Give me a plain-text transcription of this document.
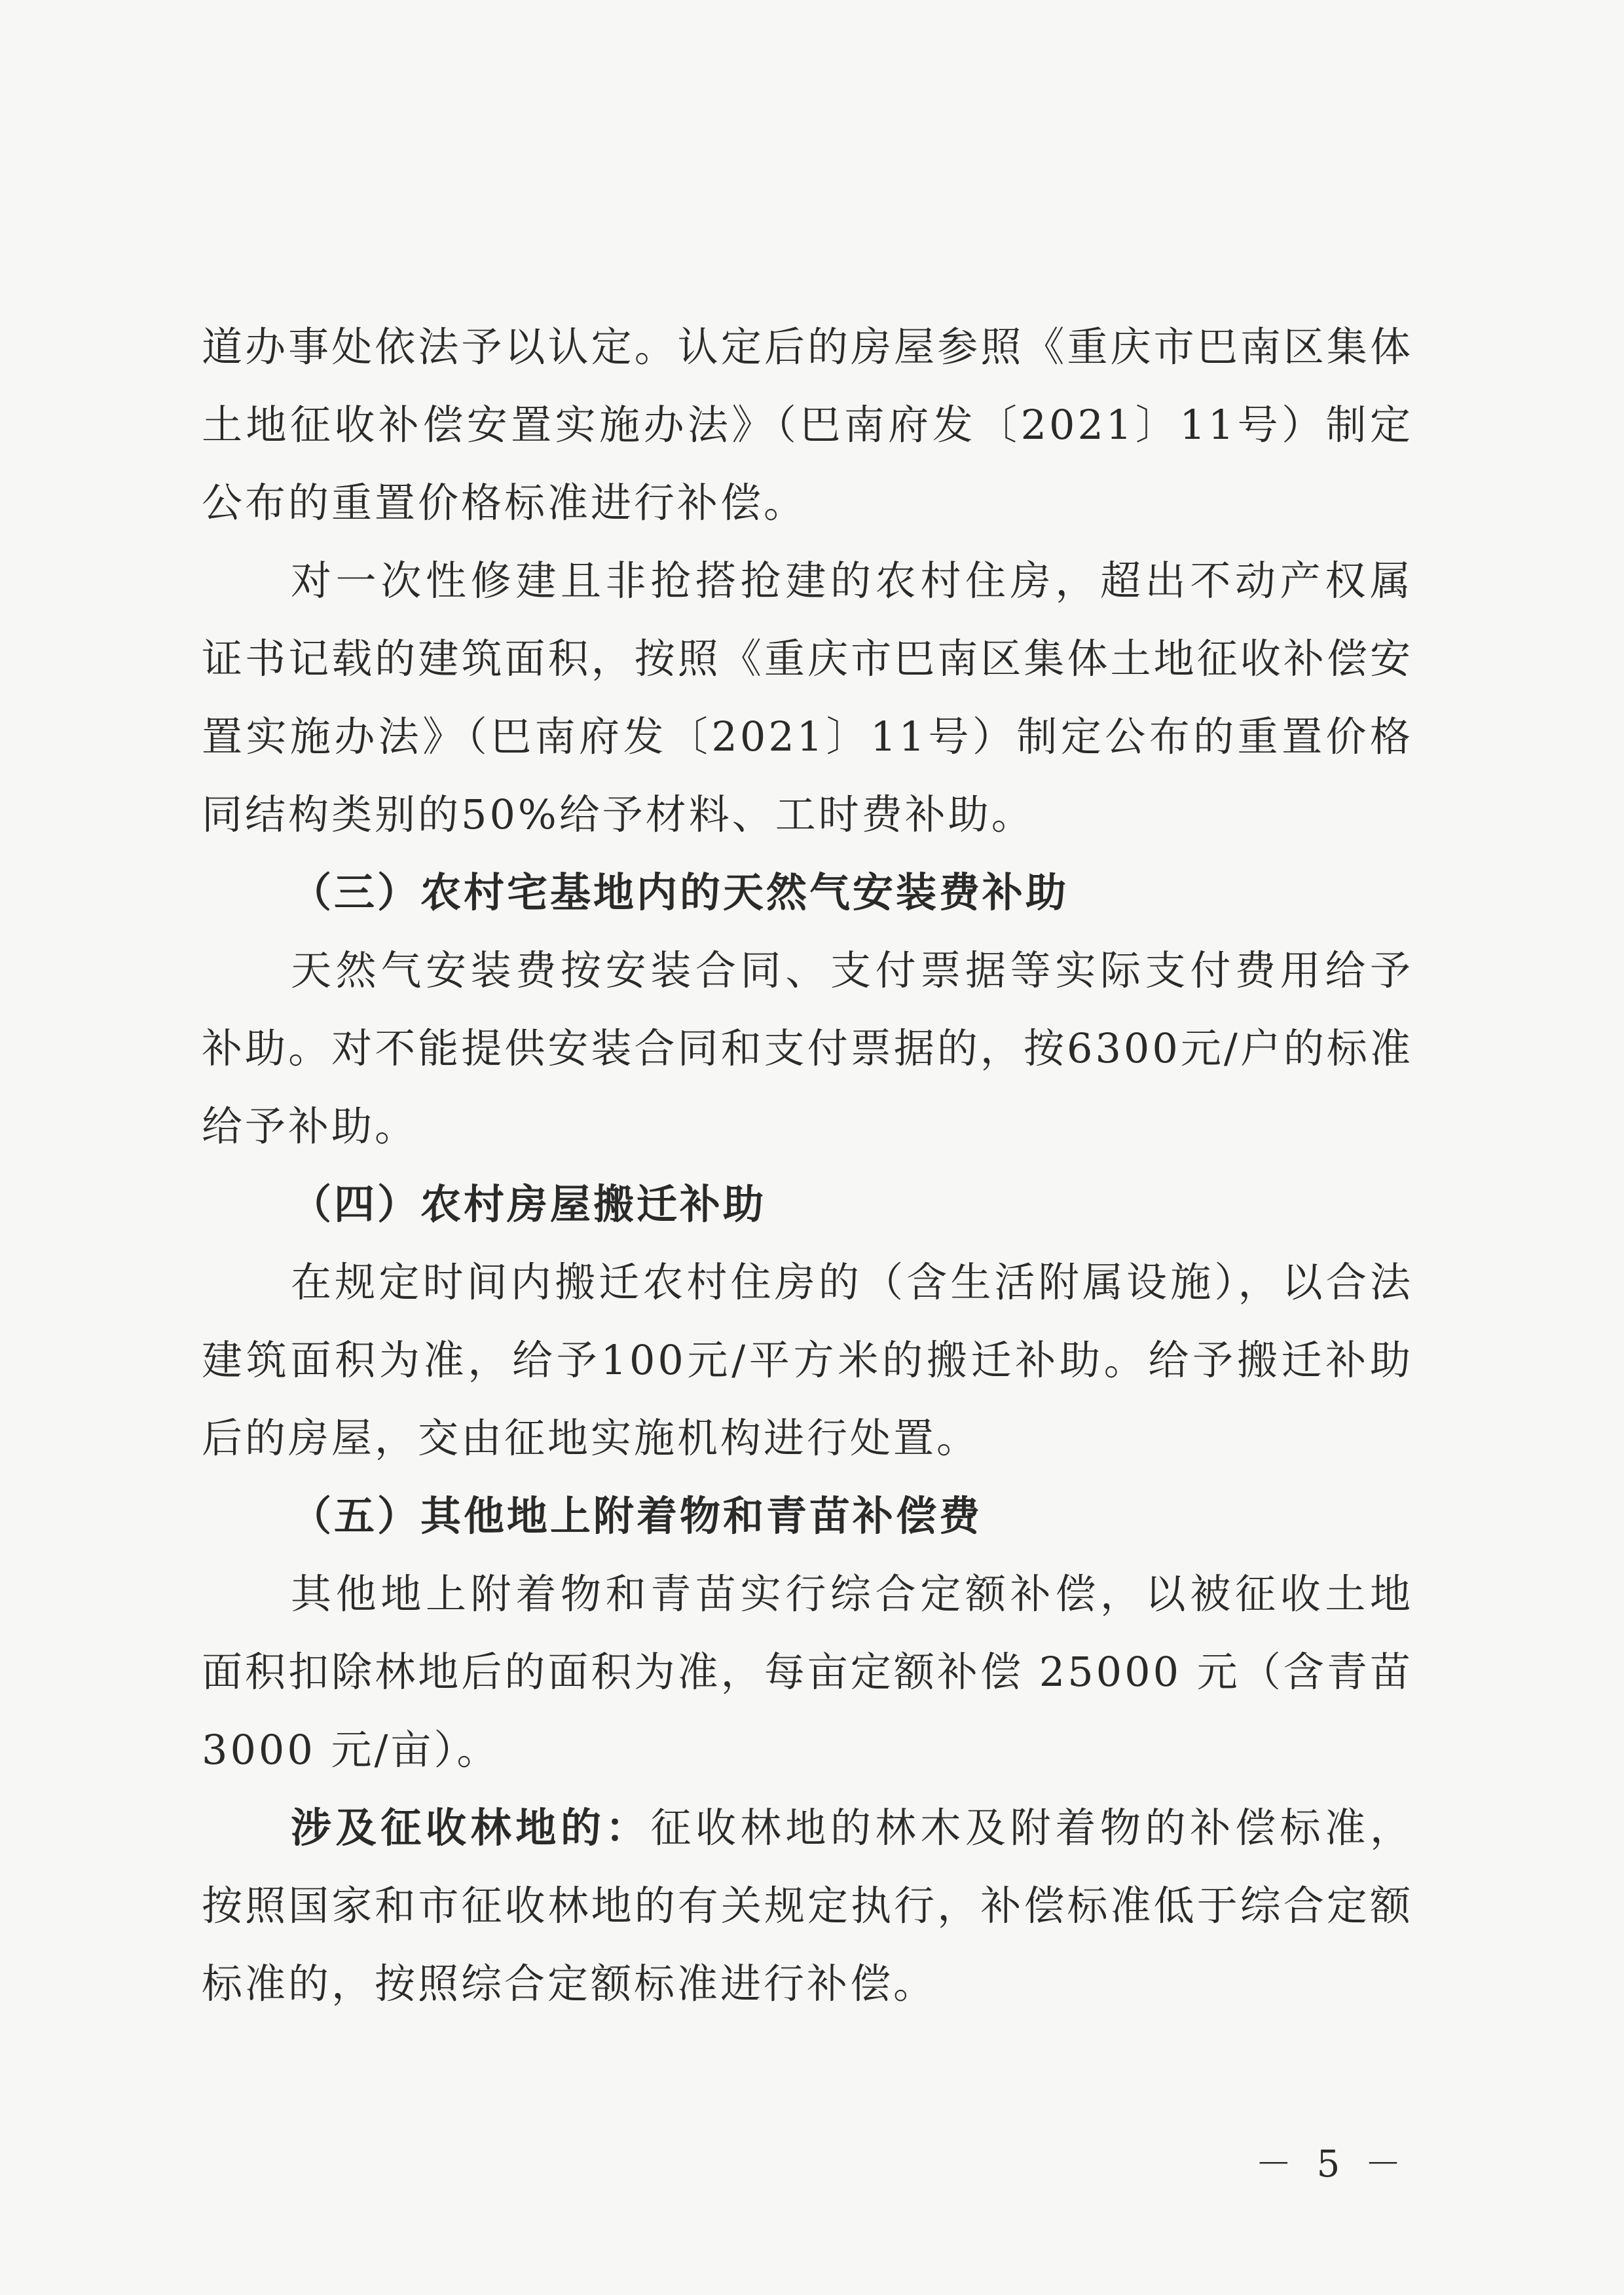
道办事处依法予以认定。认定后的房屋参照《重庆市巴南区集体土地征收补偿安置实施办法》（巴南府发〔2021〕11号）制定公布的重置价格标准进行补偿。

对一次性修建且非抢搭抢建的农村住房，超出不动产权属证书记载的建筑面积，按照《重庆市巴南区集体土地征收补偿安置实施办法》（巴南府发〔2021〕11号）制定公布的重置价格同结构类别的50%给予材料、工时费补助。

（三）农村宅基地内的天然气安装费补助

天然气安装费按安装合同、支付票据等实际支付费用给予补助。对不能提供安装合同和支付票据的，按6300元/户的标准给予补助。

（四）农村房屋搬迁补助

在规定时间内搬迁农村住房的（含生活附属设施），以合法建筑面积为准，给予100元/平方米的搬迁补助。给予搬迁补助后的房屋，交由征地实施机构进行处置。

（五）其他地上附着物和青苗补偿费

其他地上附着物和青苗实行综合定额补偿，以被征收土地面积扣除林地后的面积为准，每亩定额补偿 25000 元（含青苗 3000 元/亩）。

涉及征收林地的：征收林地的林木及附着物的补偿标准，按照国家和市征收林地的有关规定执行，补偿标准低于综合定额标准的，按照综合定额标准进行补偿。

－ 5 －
